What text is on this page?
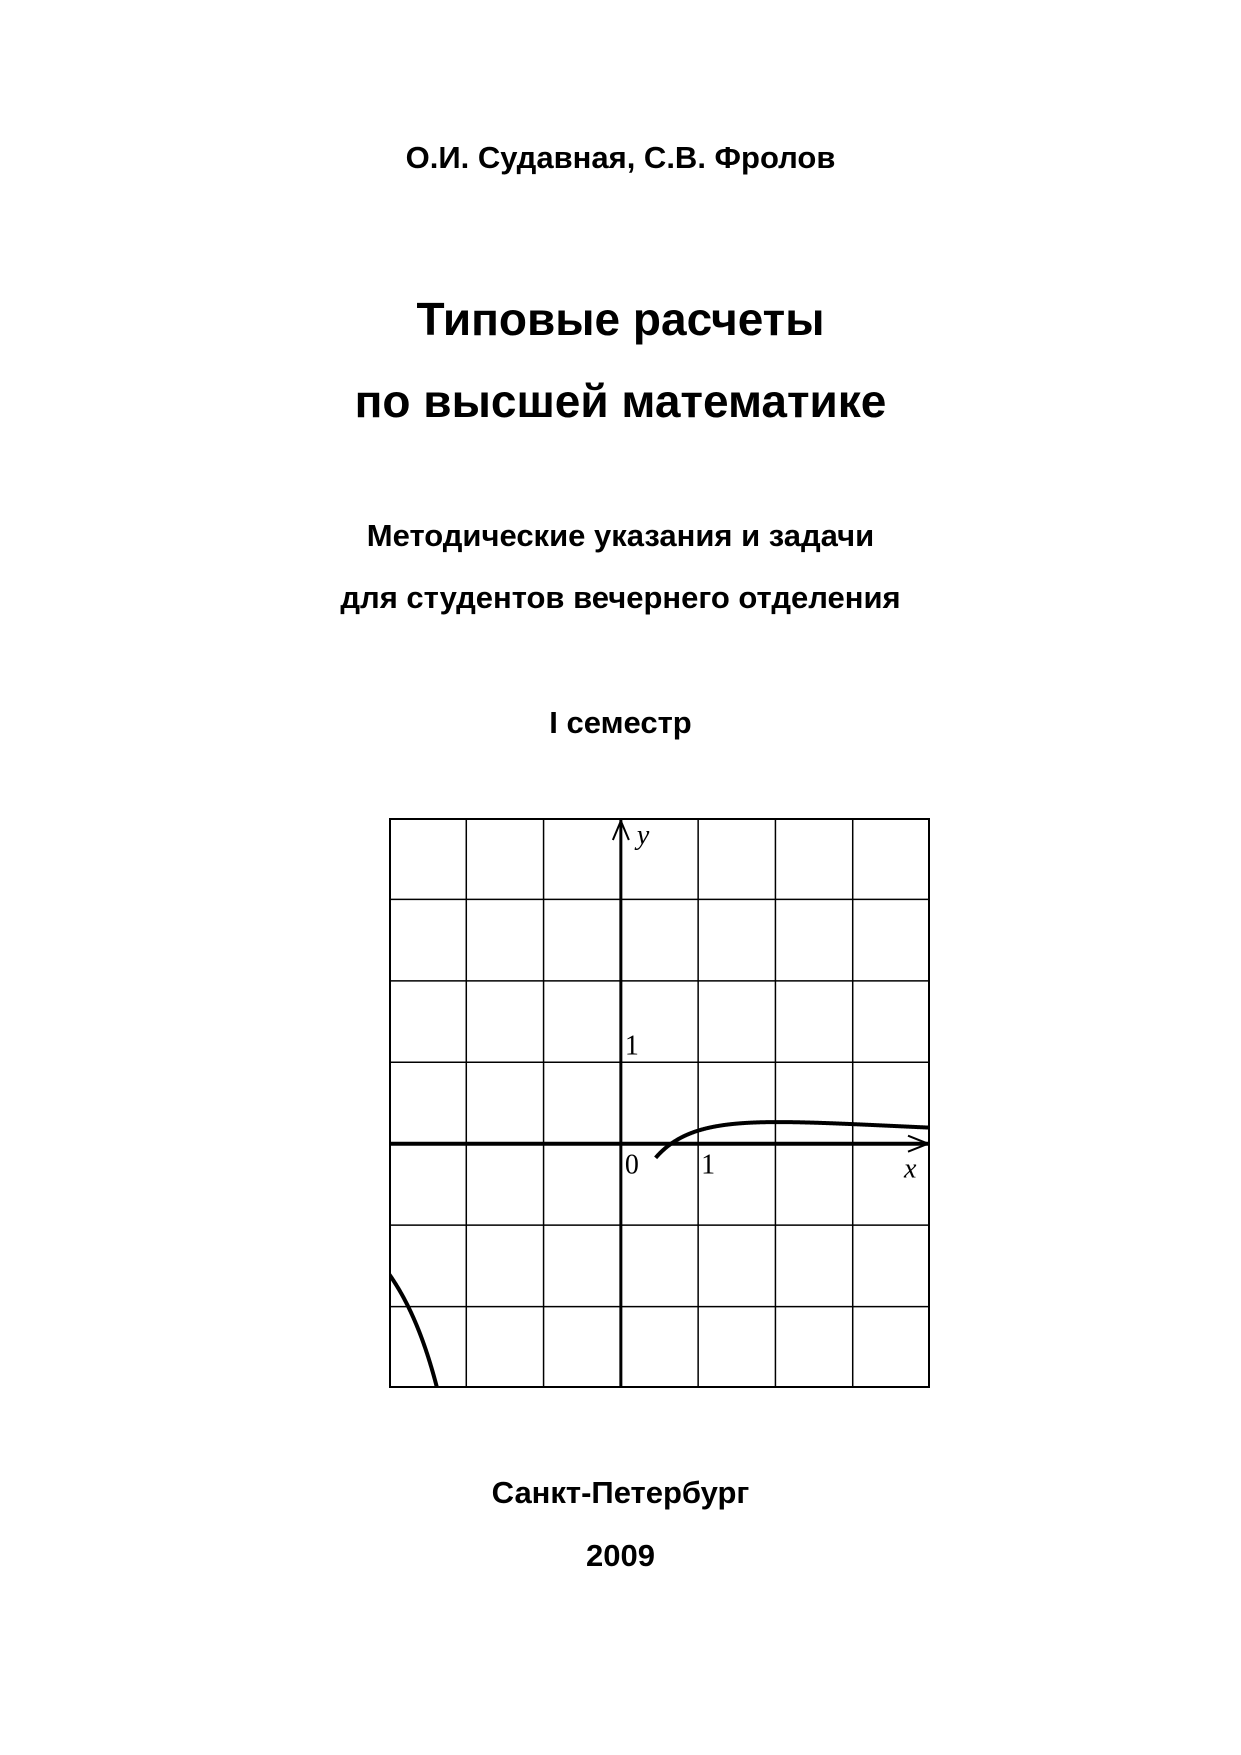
О.И. Судавная, С.В. Фролов
Типовые расчеты
по высшей математике
Методические указания и задачи
для студентов вечернего отделения
I семестр
y
x
0 1
1
Санкт-Петербург
2009
